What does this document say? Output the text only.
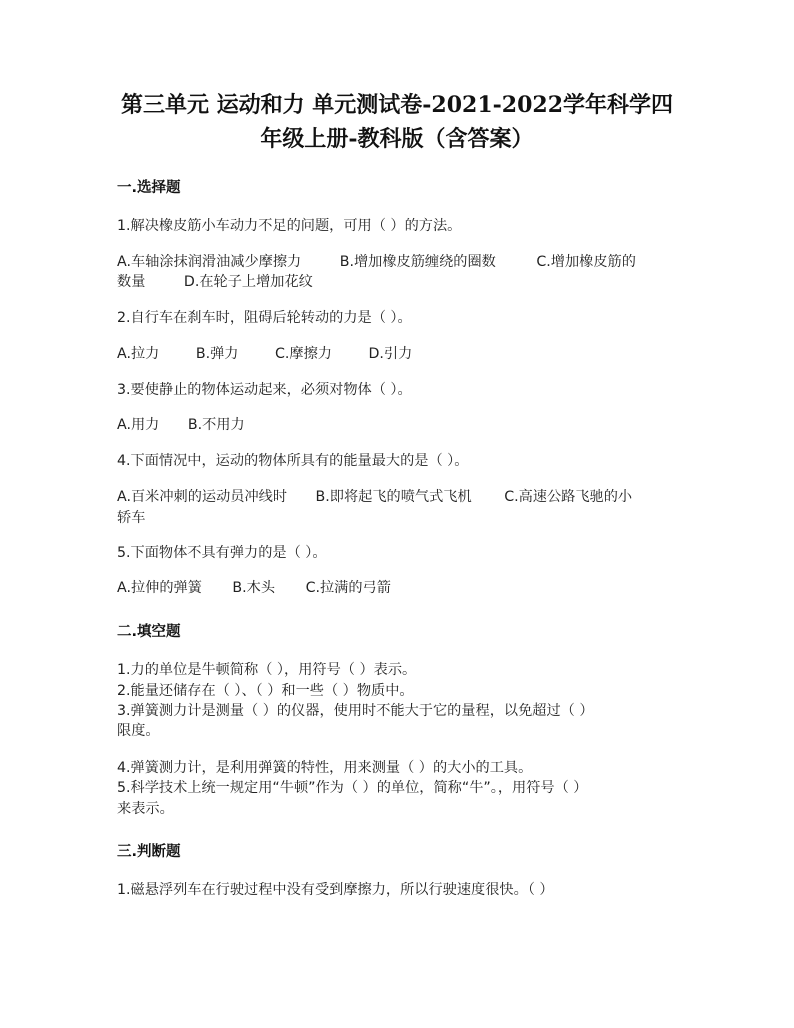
第三单元 运动和力 单元测试卷-2021-2022学年科学四
年级上册-教科版（含答案）
一.选择题
1.解决橡皮筋小车动力不足的问题，可用（ ）的方法。
A.车轴涂抹润滑油减少摩擦力	B.增加橡皮筋缠绕的圈数	C.增加橡皮筋的
数量	D.在轮子上增加花纹
2.自行车在刹车时，阻碍后轮转动的力是（ ）。
A.拉力	B.弹力	C.摩擦力	D.引力
3.要使静止的物体运动起来，必须对物体（ ）。
A.用力 B.不用力
4.下面情况中，运动的物体所具有的能量最大的是（ ）。
A.百米冲刺的运动员冲线时 B.即将起飞的喷气式飞机 C.高速公路飞驰的小
轿车
5.下面物体不具有弹力的是（ ）。
A.拉伸的弹簧 B.木头 C.拉满的弓箭
二.填空题
1.力的单位是牛顿简称（ ），用符号（ ）表示。
2.能量还储存在（ ）、（ ）和一些（ ）物质中。
3.弹簧测力计是测量（ ）的仪器，使用时不能大于它的量程，以免超过（ ）
限度。
4.弹簧测力计，是利用弹簧的特性，用来测量（ ）的大小的工具。
5.科学技术上统一规定用“牛顿”作为（ ）的单位，简称“牛”。，用符号（ ）
来表示。
三.判断题
1.磁悬浮列车在行驶过程中没有受到摩擦力，所以行驶速度很快。（ ）
